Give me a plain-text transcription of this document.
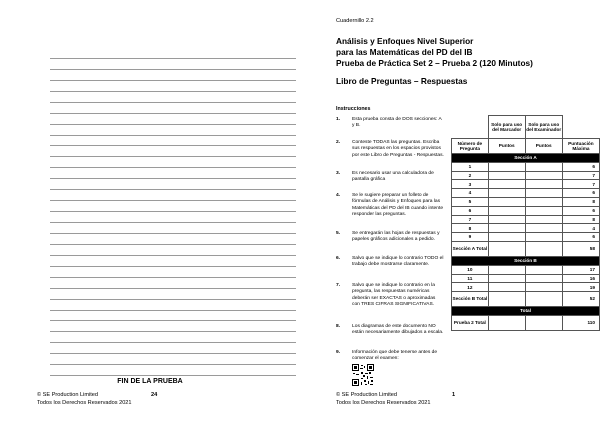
FIN DE LA PRUEBA
© SE Production Limited
Todos los Derechos Reservados 2021
24
Cuadernillo 2.2
Análisis y Enfoques Nivel Superior
para las Matemáticas del PD del IB
Prueba de Práctica Set 2 – Prueba 2 (120 Minutos)
Libro de Preguntas – Respuestas
Instrucciones
1. Esta prueba consta de DOS secciones: A y B.
2. Conteste TODAS las preguntas. Escriba sus respuestas en los espacios provistos por este Libro de Preguntas - Respuestas.
3. Es necesario usar una calculadora de pantalla gráfica
4. Se le sugiere preparar un folleto de fórmulas de Análisis y Enfoques para las Matemáticas del PD del IB cuando intente responder las preguntas.
5. Se entregarán las hojas de respuestas y papeles gráficos adicionales a pedido.
6. Salvo que se indique lo contrario TODO el trabajo debe mostrarse claramente.
7. Salvo que se indique lo contrario en la pregunta, las respuestas numéricas deberán ser EXACTAS o aproximadas con TRES CIFRAS SIGNIFICATIVAS.
8. Los diagramas de este documento NO están necesariamente dibujados a escala.
9. Información que debe tenerse antes de comenzar el examen:
© SE Production Limited
Todos los Derechos Reservados 2021
1
	Solo para uso del Marcador	Solo para uso del Examinador	
Número de Pregunta	Puntos	Puntos	Puntuación Máxima
Sección A			
1			6
2			7
3			7
4			6
5			8
6			6
7			8
8			4
9			6
Sección A Total			58
Sección B			
10			17
11			16
12			19
Sección B Total			52
Total			
Prueba 2 Total			110
